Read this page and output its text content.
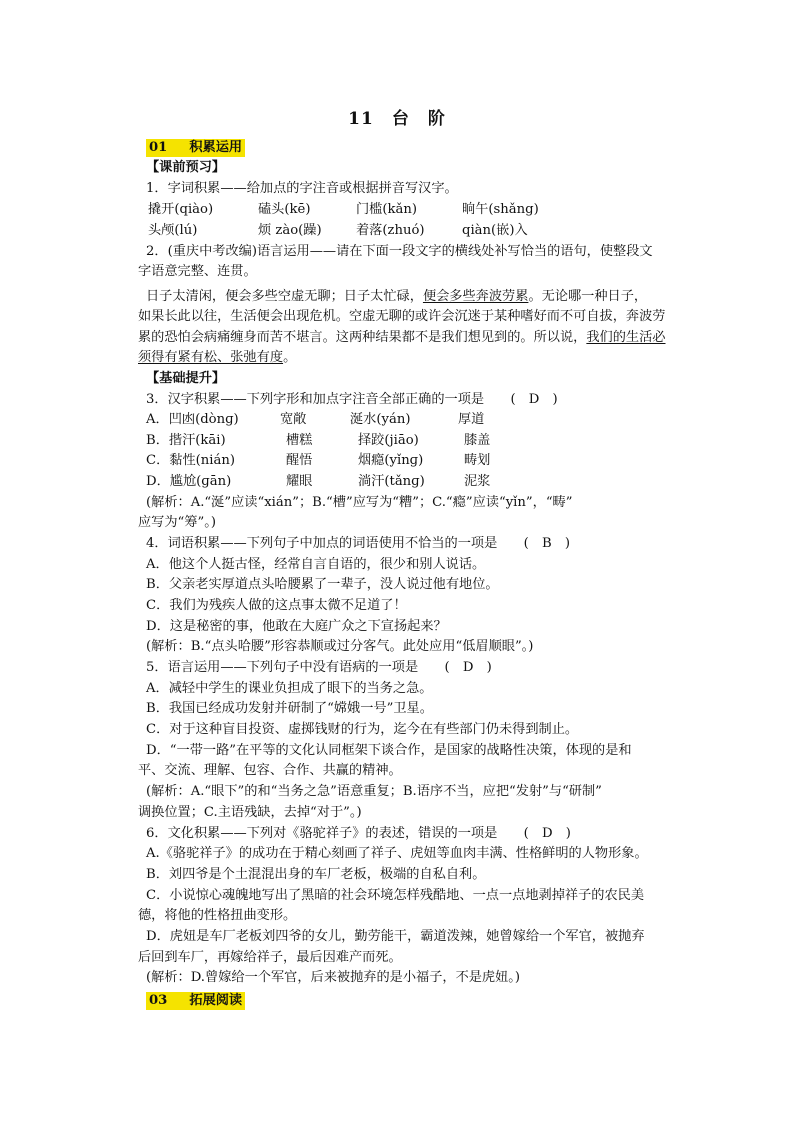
11　台　阶
01 积累运用
【课前预习】
1．字词积累——给加点的字注音或根据拼音写汉字。
撬开(qiào)	磕头(kē)	门槛(kǎn)	晌午(shǎng)
头颅(lú)	烦 zào(躁)	着落(zhuó)	qiàn(嵌)入
2．(重庆中考改编)语言运用——请在下面一段文字的横线处补写恰当的语句，使整段文
字语意完整、连贯。
日子太清闲，便会多些空虚无聊；日子太忙碌，便会多些奔波劳累。无论哪一种日子，
如果长此以往，生活便会出现危机。空虚无聊的或许会沉迷于某种嗜好而不可自拔，奔波劳
累的恐怕会病痛缠身而苦不堪言。这两种结果都不是我们想见到的。所以说，我们的生活必
须得有紧有松、张弛有度。
【基础提升】
3．汉字积累——下列字形和加点字注音全部正确的一项是　　(　D　)
A．凹凼(dònɡ)	宽敞	涎水(yán)	厚道
B．揩汗(kāi)	槽糕	择跤(jiāo)	膝盖
C．黏性(nián)	醒悟	烟瘾(yǐnɡ)	畴划
D．尴尬(ɡān)	耀眼	淌汗(tǎnɡ)	泥浆
(解析：A.“涎”应读“xián”；B.“槽”应写为“糟”；C.“瘾”应读“yǐn”，“畴”
应写为“筹”。)
4．词语积累——下列句子中加点的词语使用不恰当的一项是　　(　B　)
A．他这个人挺古怪，经常自言自语的，很少和别人说话。
B．父亲老实厚道点头哈腰累了一辈子，没人说过他有地位。
C．我们为残疾人做的这点事太微不足道了！
D．这是秘密的事，他敢在大庭广众之下宣扬起来？
(解析：B.“点头哈腰”形容恭顺或过分客气。此处应用“低眉顺眼”。)
5．语言运用——下列句子中没有语病的一项是　　(　D　)
A．减轻中学生的课业负担成了眼下的当务之急。
B．我国已经成功发射并研制了“嫦娥一号”卫星。
C．对于这种盲目投资、虚掷钱财的行为，迄今在有些部门仍未得到制止。
D．“一带一路”在平等的文化认同框架下谈合作，是国家的战略性决策，体现的是和
平、交流、理解、包容、合作、共赢的精神。
(解析：A.“眼下”的和“当务之急”语意重复；B.语序不当，应把“发射”与“研制”
调换位置；C.主语残缺，去掉“对于”。)
6．文化积累——下列对《骆驼祥子》的表述，错误的一项是　　(　D　)
A.《骆驼祥子》的成功在于精心刻画了祥子、虎妞等血肉丰满、性格鲜明的人物形象。
B．刘四爷是个土混混出身的车厂老板，极端的自私自利。
C．小说惊心魂魄地写出了黑暗的社会环境怎样残酷地、一点一点地剥掉祥子的农民美
德，将他的性格扭曲变形。
D．虎妞是车厂老板刘四爷的女儿，勤劳能干，霸道泼辣，她曾嫁给一个军官，被抛弃
后回到车厂，再嫁给祥子，最后因难产而死。
(解析：D.曾嫁给一个军官，后来被抛弃的是小福子，不是虎妞。)
03 拓展阅读
